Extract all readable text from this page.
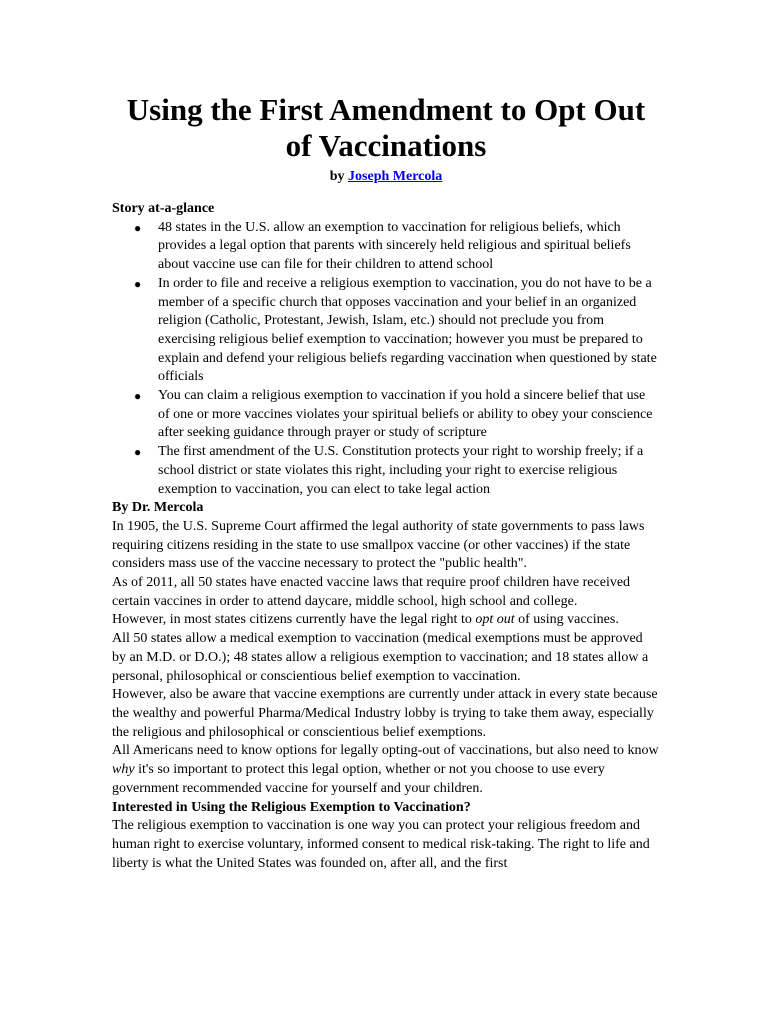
Using the First Amendment to Opt Out of Vaccinations
by Joseph Mercola
Story at-a-glance
● 48 states in the U.S. allow an exemption to vaccination for religious beliefs, which provides a legal option that parents with sincerely held religious and spiritual beliefs about vaccine use can file for their children to attend school
● In order to file and receive a religious exemption to vaccination, you do not have to be a member of a specific church that opposes vaccination and your belief in an organized religion (Catholic, Protestant, Jewish, Islam, etc.) should not preclude you from exercising religious belief exemption to vaccination; however you must be prepared to explain and defend your religious beliefs regarding vaccination when questioned by state officials
● You can claim a religious exemption to vaccination if you hold a sincere belief that use of one or more vaccines violates your spiritual beliefs or ability to obey your conscience after seeking guidance through prayer or study of scripture
● The first amendment of the U.S. Constitution protects your right to worship freely; if a school district or state violates this right, including your right to exercise religious exemption to vaccination, you can elect to take legal action
By Dr. Mercola

In 1905, the U.S. Supreme Court affirmed the legal authority of state governments to pass laws requiring citizens residing in the state to use smallpox vaccine (or other vaccines) if the state considers mass use of the vaccine necessary to protect the "public health".

As of 2011, all 50 states have enacted vaccine laws that require proof children have received certain vaccines in order to attend daycare, middle school, high school and college.

However, in most states citizens currently have the legal right to opt out of using vaccines.

All 50 states allow a medical exemption to vaccination (medical exemptions must be approved by an M.D. or D.O.); 48 states allow a religious exemption to vaccination; and 18 states allow a personal, philosophical or conscientious belief exemption to vaccination.

However, also be aware that vaccine exemptions are currently under attack in every state because the wealthy and powerful Pharma/Medical Industry lobby is trying to take them away, especially the religious and philosophical or conscientious belief exemptions.

All Americans need to know options for legally opting-out of vaccinations, but also need to know why it's so important to protect this legal option, whether or not you choose to use every government recommended vaccine for yourself and your children.

Interested in Using the Religious Exemption to Vaccination?

The religious exemption to vaccination is one way you can protect your religious freedom and human right to exercise voluntary, informed consent to medical risk-taking. The right to life and liberty is what the United States was founded on, after all, and the first
